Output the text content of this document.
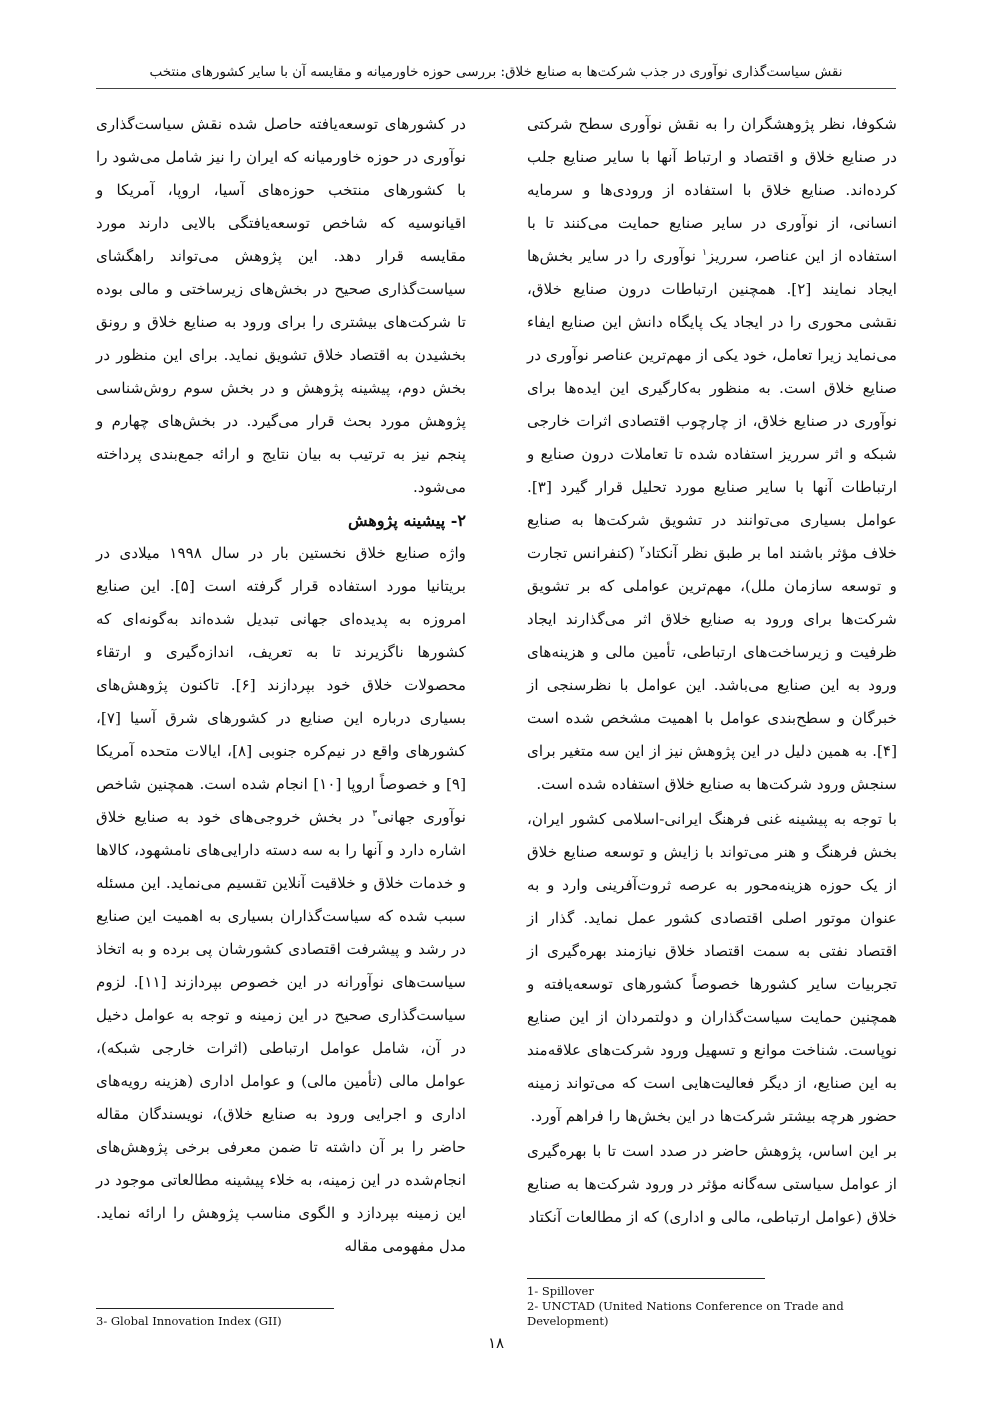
نقش سیاست‌گذاری نوآوری در جذب شرکت‌ها به صنایع خلاق: بررسی حوزه خاورمیانه و مقایسه آن با سایر کشورهای منتخب

شکوفا، نظر پژوهشگران را به نقش نوآوری سطح شرکتی در صنایع خلاق و اقتصاد و ارتباط آنها با سایر صنایع جلب کرده‌اند. صنایع خلاق با استفاده از ورودی‌ها و سرمایه انسانی، از نوآوری در سایر صنایع حمایت می‌کنند تا با استفاده از این عناصر، سرریز$^۱$ نوآوری را در سایر بخش‌ها ایجاد نمایند [۲]. همچنین ارتباطات درون صنایع خلاق، نقشی محوری را در ایجاد یک پایگاه دانش این صنایع ایفاء می‌نماید زیرا تعامل، خود یکی از مهم‌ترین عناصر نوآوری در صنایع خلاق است. به منظور به‌کارگیری این ایده‌ها برای نوآوری در صنایع خلاق، از چارچوب اقتصادی اثرات خارجی شبکه و اثر سرریز استفاده شده تا تعاملات درون صنایع و ارتباطات آنها با سایر صنایع مورد تحلیل قرار گیرد [۳]. عوامل بسیاری می‌توانند در تشویق شرکت‌ها به صنایع خلاف مؤثر باشند اما بر طبق نظر آنکتاد$^۲$ (کنفرانس تجارت و توسعه سازمان ملل)، مهم‌ترین عواملی که بر تشویق شرکت‌ها برای ورود به صنایع خلاق اثر می‌گذارند ایجاد ظرفیت و زیرساخت‌های ارتباطی، تأمین مالی و هزینه‌های ورود به این صنایع می‌باشد. این عوامل با نظرسنجی از خبرگان و سطح‌بندی عوامل با اهمیت مشخص شده است [۴]. به همین دلیل در این پژوهش نیز از این سه متغیر برای سنجش ورود شرکت‌ها به صنایع خلاق استفاده شده است.

با توجه به پیشینه غنی فرهنگ ایرانی-اسلامی کشور ایران، بخش فرهنگ و هنر می‌تواند با زایش و توسعه صنایع خلاق از یک حوزه هزینه‌محور به عرصه ثروت‌آفرینی وارد و به عنوان موتور اصلی اقتصادی کشور عمل نماید. گذار از اقتصاد نفتی به سمت اقتصاد خلاق نیازمند بهره‌گیری از تجربیات سایر کشورها خصوصاً کشورهای توسعه‌یافته و همچنین حمایت سیاست‌گذاران و دولتمردان از این صنایع نوپاست. شناخت موانع و تسهیل ورود شرکت‌های علاقه‌مند به این صنایع، از دیگر فعالیت‌هایی است که می‌تواند زمینه حضور هرچه بیشتر شرکت‌ها در این بخش‌ها را فراهم آورد.

بر این اساس، پژوهش حاضر در صدد است تا با بهره‌گیری از عوامل سیاستی سه‌گانه مؤثر در ورود شرکت‌ها به صنایع خلاق (عوامل ارتباطی، مالی و اداری) که از مطالعات آنکتاد

در کشورهای توسعه‌یافته حاصل شده نقش سیاست‌گذاری نوآوری در حوزه خاورمیانه که ایران را نیز شامل می‌شود را با کشورهای منتخب حوزه‌های آسیا، اروپا، آمریکا و اقیانوسیه که شاخص توسعه‌یافتگی بالایی دارند مورد مقایسه قرار دهد. این پژوهش می‌تواند راهگشای سیاست‌گذاری صحیح در بخش‌های زیرساختی و مالی بوده تا شرکت‌های بیشتری را برای ورود به صنایع خلاق و رونق بخشیدن به اقتصاد خلاق تشویق نماید. برای این منظور در بخش دوم، پیشینه پژوهش و در بخش سوم روش‌شناسی پژوهش مورد بحث قرار می‌گیرد. در بخش‌های چهارم و پنجم نیز به ترتیب به بیان نتایج و ارائه جمع‌بندی پرداخته می‌شود.

۲- پیشینه پژوهش

واژه صنایع خلاق نخستین بار در سال ۱۹۹۸ میلادی در بریتانیا مورد استفاده قرار گرفته است [۵]. این صنایع امروزه به پدیده‌ای جهانی تبدیل شده‌اند به‌گونه‌ای که کشورها ناگزیرند تا به تعریف، اندازه‌گیری و ارتقاء محصولات خلاق خود بپردازند [۶]. تاکنون پژوهش‌های بسیاری درباره این صنایع در کشورهای شرق آسیا [۷]، کشورهای واقع در نیم‌کره جنوبی [۸]، ایالات متحده آمریکا [۹] و خصوصاً اروپا [۱۰] انجام شده است. همچنین شاخص نوآوری جهانی$^۳$ در بخش خروجی‌های خود به صنایع خلاق اشاره دارد و آنها را به سه دسته دارایی‌های نامشهود، کالاها و خدمات خلاق و خلاقیت آنلاین تقسیم می‌نماید. این مسئله سبب شده که سیاست‌گذاران بسیاری به اهمیت این صنایع در رشد و پیشرفت اقتصادی کشورشان پی برده و به اتخاذ سیاست‌های نوآورانه در این خصوص بپردازند [۱۱]. لزوم سیاست‌گذاری صحیح در این زمینه و توجه به عوامل دخیل در آن، شامل عوامل ارتباطی (اثرات خارجی شبکه)، عوامل مالی (تأمین مالی) و عوامل اداری (هزینه رویه‌های اداری و اجرایی ورود به صنایع خلاق)، نویسندگان مقاله حاضر را بر آن داشته تا ضمن معرفی برخی پژوهش‌های انجام‌شده در این زمینه، به خلاء پیشینه مطالعاتی موجود در این زمینه بپردازد و الگوی مناسب پژوهش را ارائه نماید. مدل مفهومی مقاله

1- Spillover
2- UNCTAD (United Nations Conference on Trade and Development)
3- Global Innovation Index (GII)
۱۸
